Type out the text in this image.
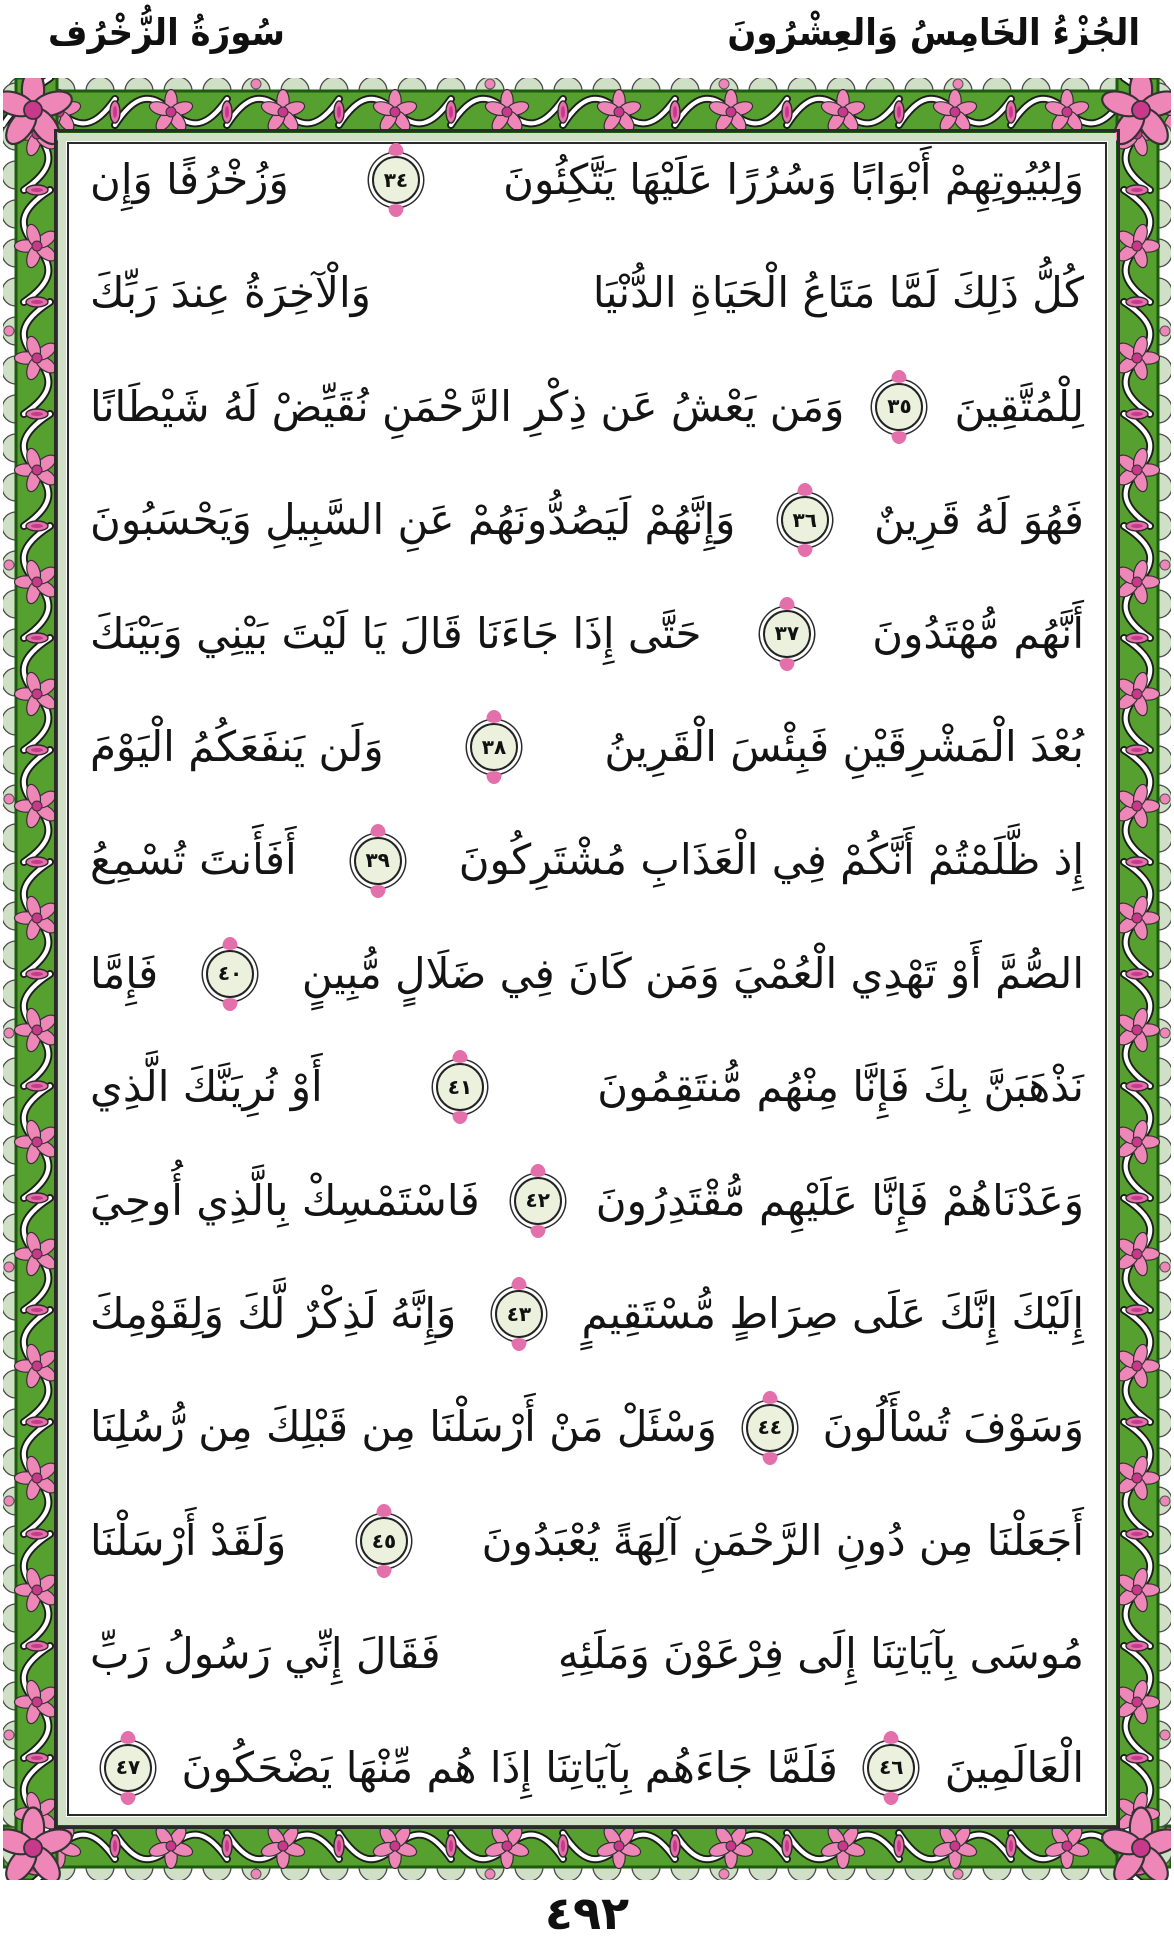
الجُزْءُ الخَامِسُ وَالعِشْرُونَ
سُورَةُ الزُّخْرُف
وَلِبُيُوتِهِمْ أَبْوَابًا وَسُرُرًا عَلَيْهَا يَتَّكِئُونَ
٣٤
وَزُخْرُفًا وَإِن
كُلُّ ذَلِكَ لَمَّا مَتَاعُ الْحَيَاةِ الدُّنْيَا
وَالْآخِرَةُ عِندَ رَبِّكَ
لِلْمُتَّقِينَ
٣٥
وَمَن يَعْشُ عَن ذِكْرِ الرَّحْمَنِ نُقَيِّضْ لَهُ شَيْطَانًا
فَهُوَ لَهُ قَرِينٌ
٣٦
وَإِنَّهُمْ لَيَصُدُّونَهُمْ عَنِ السَّبِيلِ وَيَحْسَبُونَ
أَنَّهُم مُّهْتَدُونَ
٣٧
حَتَّى إِذَا جَاءَنَا قَالَ يَا لَيْتَ بَيْنِي وَبَيْنَكَ
بُعْدَ الْمَشْرِقَيْنِ فَبِئْسَ الْقَرِينُ
٣٨
وَلَن يَنفَعَكُمُ الْيَوْمَ
إِذ ظَّلَمْتُمْ أَنَّكُمْ فِي الْعَذَابِ مُشْتَرِكُونَ
٣٩
أَفَأَنتَ تُسْمِعُ
الصُّمَّ أَوْ تَهْدِي الْعُمْيَ وَمَن كَانَ فِي ضَلَالٍ مُّبِينٍ
٤٠
فَإِمَّا
نَذْهَبَنَّ بِكَ فَإِنَّا مِنْهُم مُّنتَقِمُونَ
٤١
أَوْ نُرِيَنَّكَ الَّذِي
وَعَدْنَاهُمْ فَإِنَّا عَلَيْهِم مُّقْتَدِرُونَ
٤٢
فَاسْتَمْسِكْ بِالَّذِي أُوحِيَ
إِلَيْكَ إِنَّكَ عَلَى صِرَاطٍ مُّسْتَقِيمٍ
٤٣
وَإِنَّهُ لَذِكْرٌ لَّكَ وَلِقَوْمِكَ
وَسَوْفَ تُسْأَلُونَ
٤٤
وَسْئَلْ مَنْ أَرْسَلْنَا مِن قَبْلِكَ مِن رُّسُلِنَا
أَجَعَلْنَا مِن دُونِ الرَّحْمَنِ آلِهَةً يُعْبَدُونَ
٤٥
وَلَقَدْ أَرْسَلْنَا
مُوسَى بِآيَاتِنَا إِلَى فِرْعَوْنَ وَمَلَئِهِ
فَقَالَ إِنِّي رَسُولُ رَبِّ
الْعَالَمِينَ
٤٦
فَلَمَّا جَاءَهُم بِآيَاتِنَا إِذَا هُم مِّنْهَا يَضْحَكُونَ
٤٧
٤٩٢
